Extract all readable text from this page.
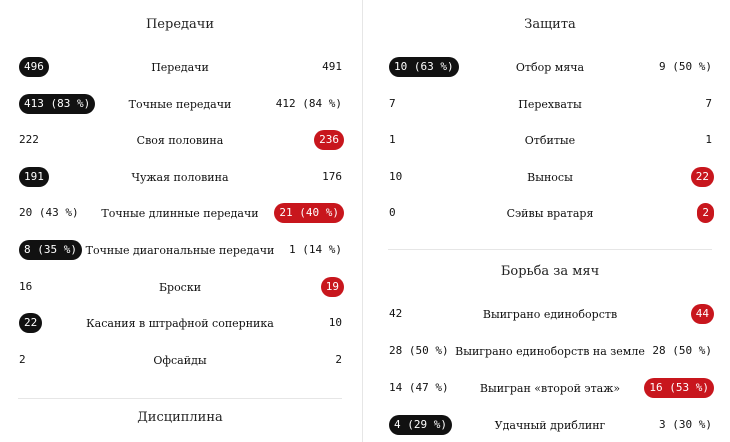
Передачи
496	Передачи	491
413 (83 %)	Точные передачи	412 (84 %)
222	Своя половина	236
191	Чужая половина	176
20 (43 %)	Точные длинные передачи	21 (40 %)
8 (35 %) Точные диагональные передачи	1 (14 %)
16	Броски	19
22	Касания в штрафной соперника	10
2	Офсайды	2
Дисциплина
Защита
10 (63 %)	Отбор мяча	9 (50 %)
7	Перехваты	7
1	Отбитые	1
10	Выносы	22
0	Сэйвы вратаря	2
Борьба за мяч
42	Выиграно единоборств	44
28 (50 %) Выиграно единоборств на земле 28 (50 %)
14 (47 %)	Выигран «второй этаж»	16 (53 %)
4 (29 %)	Удачный дриблинг	3 (30 %)
